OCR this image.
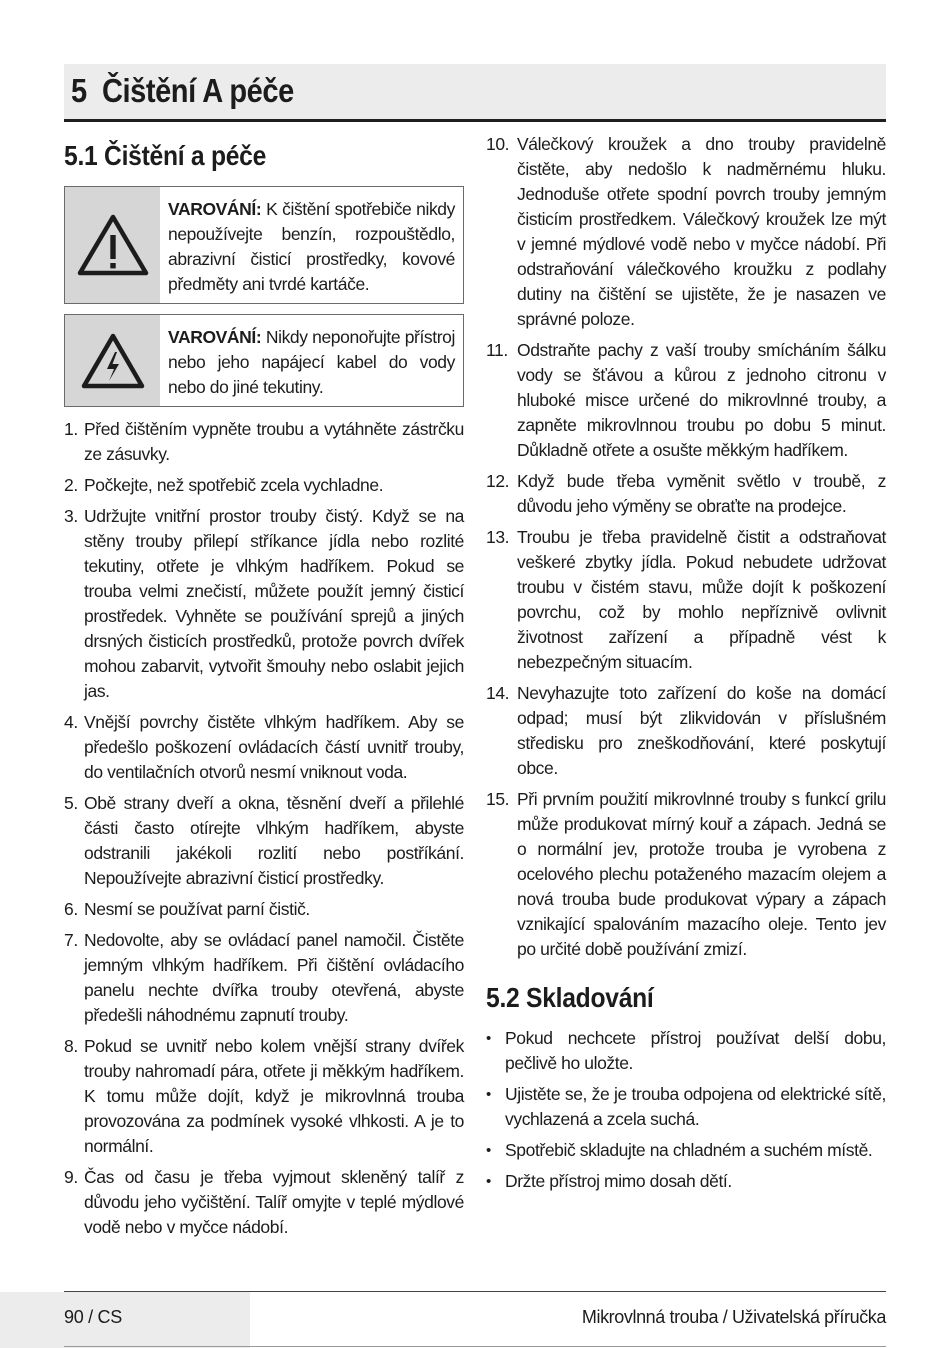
5 Čištění A péče
5.1 Čištění a péče
VAROVÁNÍ: K čištění spotřebiče nikdy nepoužívejte benzín, rozpouštědlo, abrazivní čisticí prostředky, kovové předměty ani tvrdé kartáče.
VAROVÁNÍ: Nikdy neponořujte přístroj nebo jeho napájecí kabel do vody nebo do jiné tekutiny.
1. Před čištěním vypněte troubu a vytáhněte zástrčku ze zásuvky.
2. Počkejte, než spotřebič zcela vychladne.
3. Udržujte vnitřní prostor trouby čistý. Když se na stěny trouby přilepí stříkance jídla nebo rozlité tekutiny, otřete je vlhkým hadříkem. Pokud se trouba velmi znečistí, můžete použít jemný čisticí prostředek. Vyhněte se používání sprejů a jiných drsných čisticích prostředků, protože povrch dvířek mohou zabarvit, vytvořit šmouhy nebo oslabit jejich jas.
4. Vnější povrchy čistěte vlhkým hadříkem. Aby se předešlo poškození ovládacích částí uvnitř trouby, do ventilačních otvorů nesmí vniknout voda.
5. Obě strany dveří a okna, těsnění dveří a přilehlé části často otírejte vlhkým hadříkem, abyste odstranili jakékoli rozlití nebo postříkání. Nepoužívejte abrazivní čisticí prostředky.
6. Nesmí se používat parní čistič.
7. Nedovolte, aby se ovládací panel namočil. Čistěte jemným vlhkým hadříkem. Při čištění ovládacího panelu nechte dvířka trouby otevřená, abyste předešli náhodnému zapnutí trouby.
8. Pokud se uvnitř nebo kolem vnější strany dvířek trouby nahromadí pára, otřete ji měkkým hadříkem. K tomu může dojít, když je mikrovlnná trouba provozována za podmínek vysoké vlhkosti. A je to normální.
9. Čas od času je třeba vyjmout skleněný talíř z důvodu jeho vyčištění. Talíř omyjte v teplé mýdlové vodě nebo v myčce nádobí.
10. Válečkový kroužek a dno trouby pravidelně čistěte, aby nedošlo k nadměrnému hluku. Jednoduše otřete spodní povrch trouby jemným čisticím prostředkem. Válečkový kroužek lze mýt v jemné mýdlové vodě nebo v myčce nádobí. Při odstraňování válečkového kroužku z podlahy dutiny na čištění se ujistěte, že je nasazen ve správné poloze.
11. Odstraňte pachy z vaší trouby smícháním šálku vody se šťávou a kůrou z jednoho citronu v hluboké misce určené do mikrovlnné trouby, a zapněte mikrovlnnou troubu po dobu 5 minut. Důkladně otřete a osušte měkkým hadříkem.
12. Když bude třeba vyměnit světlo v troubě, z důvodu jeho výměny se obraťte na prodejce.
13. Troubu je třeba pravidelně čistit a odstraňovat veškeré zbytky jídla. Pokud nebudete udržovat troubu v čistém stavu, může dojít k poškození povrchu, což by mohlo nepříznivě ovlivnit životnost zařízení a případně vést k nebezpečným situacím.
14. Nevyhazujte toto zařízení do koše na domácí odpad; musí být zlikvidován v příslušném středisku pro zneškodňování, které poskytují obce.
15. Při prvním použití mikrovlnné trouby s funkcí grilu může produkovat mírný kouř a zápach. Jedná se o normální jev, protože trouba je vyrobena z ocelového plechu potaženého mazacím olejem a nová trouba bude produkovat výpary a zápach vznikající spalováním mazacího oleje. Tento jev po určité době používání zmizí.
5.2 Skladování
• Pokud nechcete přístroj používat delší dobu, pečlivě ho uložte.
• Ujistěte se, že je trouba odpojena od elektrické sítě, vychlazená a zcela suchá.
• Spotřebič skladujte na chladném a suchém místě.
• Držte přístroj mimo dosah dětí.
90 / CS	Mikrovlnná trouba / Uživatelská příručka
